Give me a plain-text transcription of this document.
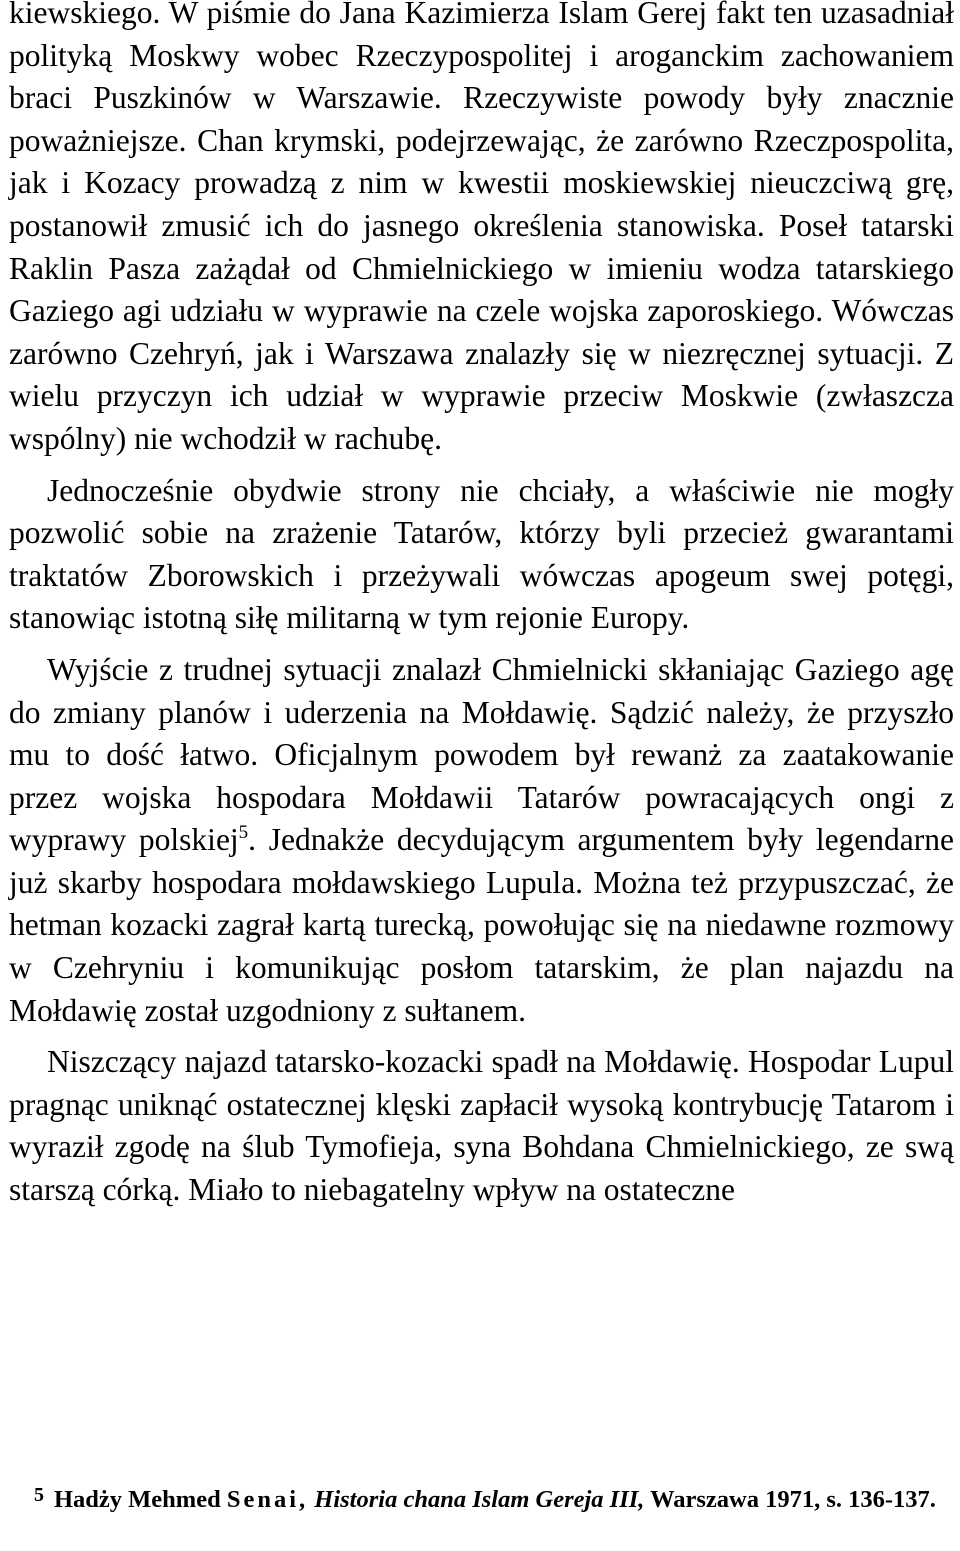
kiewskiego. W piśmie do Jana Kazimierza Islam Gerej fakt ten uzasadniał polityką Moskwy wobec Rzeczypospolitej i aroganckim zachowaniem braci Puszkinów w Warszawie. Rzeczywiste powody były znacznie poważniejsze. Chan krymski, podejrzewając, że zarówno Rzeczpospolita, jak i Kozacy prowadzą z nim w kwestii moskiewskiej nieuczciwą grę, postanowił zmusić ich do jasnego określenia stanowiska. Poseł tatarski Raklin Pasza zażądał od Chmielnickiego w imieniu wodza tatarskiego Gaziego agi udziału w wyprawie na czele wojska zaporoskiego. Wówczas zarówno Czehryń, jak i Warszawa znalazły się w niezręcznej sytuacji. Z wielu przyczyn ich udział w wyprawie przeciw Moskwie (zwłaszcza wspólny) nie wchodził w rachubę.

Jednocześnie obydwie strony nie chciały, a właściwie nie mogły pozwolić sobie na zrażenie Tatarów, którzy byli przecież gwarantami traktatów Zborowskich i przeżywali wówczas apogeum swej potęgi, stanowiąc istotną siłę militarną w tym rejonie Europy.

Wyjście z trudnej sytuacji znalazł Chmielnicki skłaniając Gaziego agę do zmiany planów i uderzenia na Mołdawię. Sądzić należy, że przyszło mu to dość łatwo. Oficjalnym powodem był rewanż za zaatakowanie przez wojska hospodara Mołdawii Tatarów powracających ongi z wyprawy polskiej$^5$. Jednakże decydującym argumentem były legendarne już skarby hospodara mołdawskiego Lupula. Można też przypuszczać, że hetman kozacki zagrał kartą turecką, powołując się na niedawne rozmowy w Czehryniu i komunikując posłom tatarskim, że plan najazdu na Mołdawię został uzgodniony z sułtanem.

Niszczący najazd tatarsko-kozacki spadł na Mołdawię. Hospodar Lupul pragnąc uniknąć ostatecznej klęski zapłacił wysoką kontrybucję Tatarom i wyraził zgodę na ślub Tymofieja, syna Bohdana Chmielnickiego, ze swą starszą córką. Miało to niebagatelny wpływ na ostateczne

5 Hadży Mehmed Senai, Historia chana Islam Gereja III, Warszawa 1971, s. 136-137.
